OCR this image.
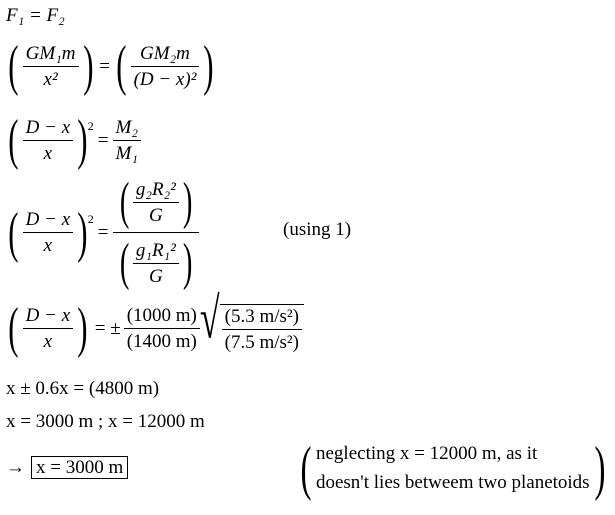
F₁ = F₂
( $\frac{\text{GM₁m}}{\text{x²}}$ ) = ( $\frac{\text{GM₂m}}{\text{(D − x)²}}$ )
( $\frac{D - x}{x}$ ) 2
= $\frac{\text{M₂}}{\text{M₁}}$
( $\frac{D - x}{x}$ ) 2
= $\frac{( \frac{\text{g₂R₂²}}{G} )}{( \frac{\text{g₁R₁²}}{G} )}$	(using 1)
( $\frac{D - x}{x}$ ) = ± $\frac{(1000 m)}{(1400 m)}$ √ $\frac{\text{(5.3 m/s²)}}{\text{(7.5 m/s²)}}$
x ± 0.6x = (4800 m)
x = 3000 m ; x = 12000 m
→ x = 3000 m	( neglecting x = 12000 m, as it
doesn't lies betweem two planetoids )
